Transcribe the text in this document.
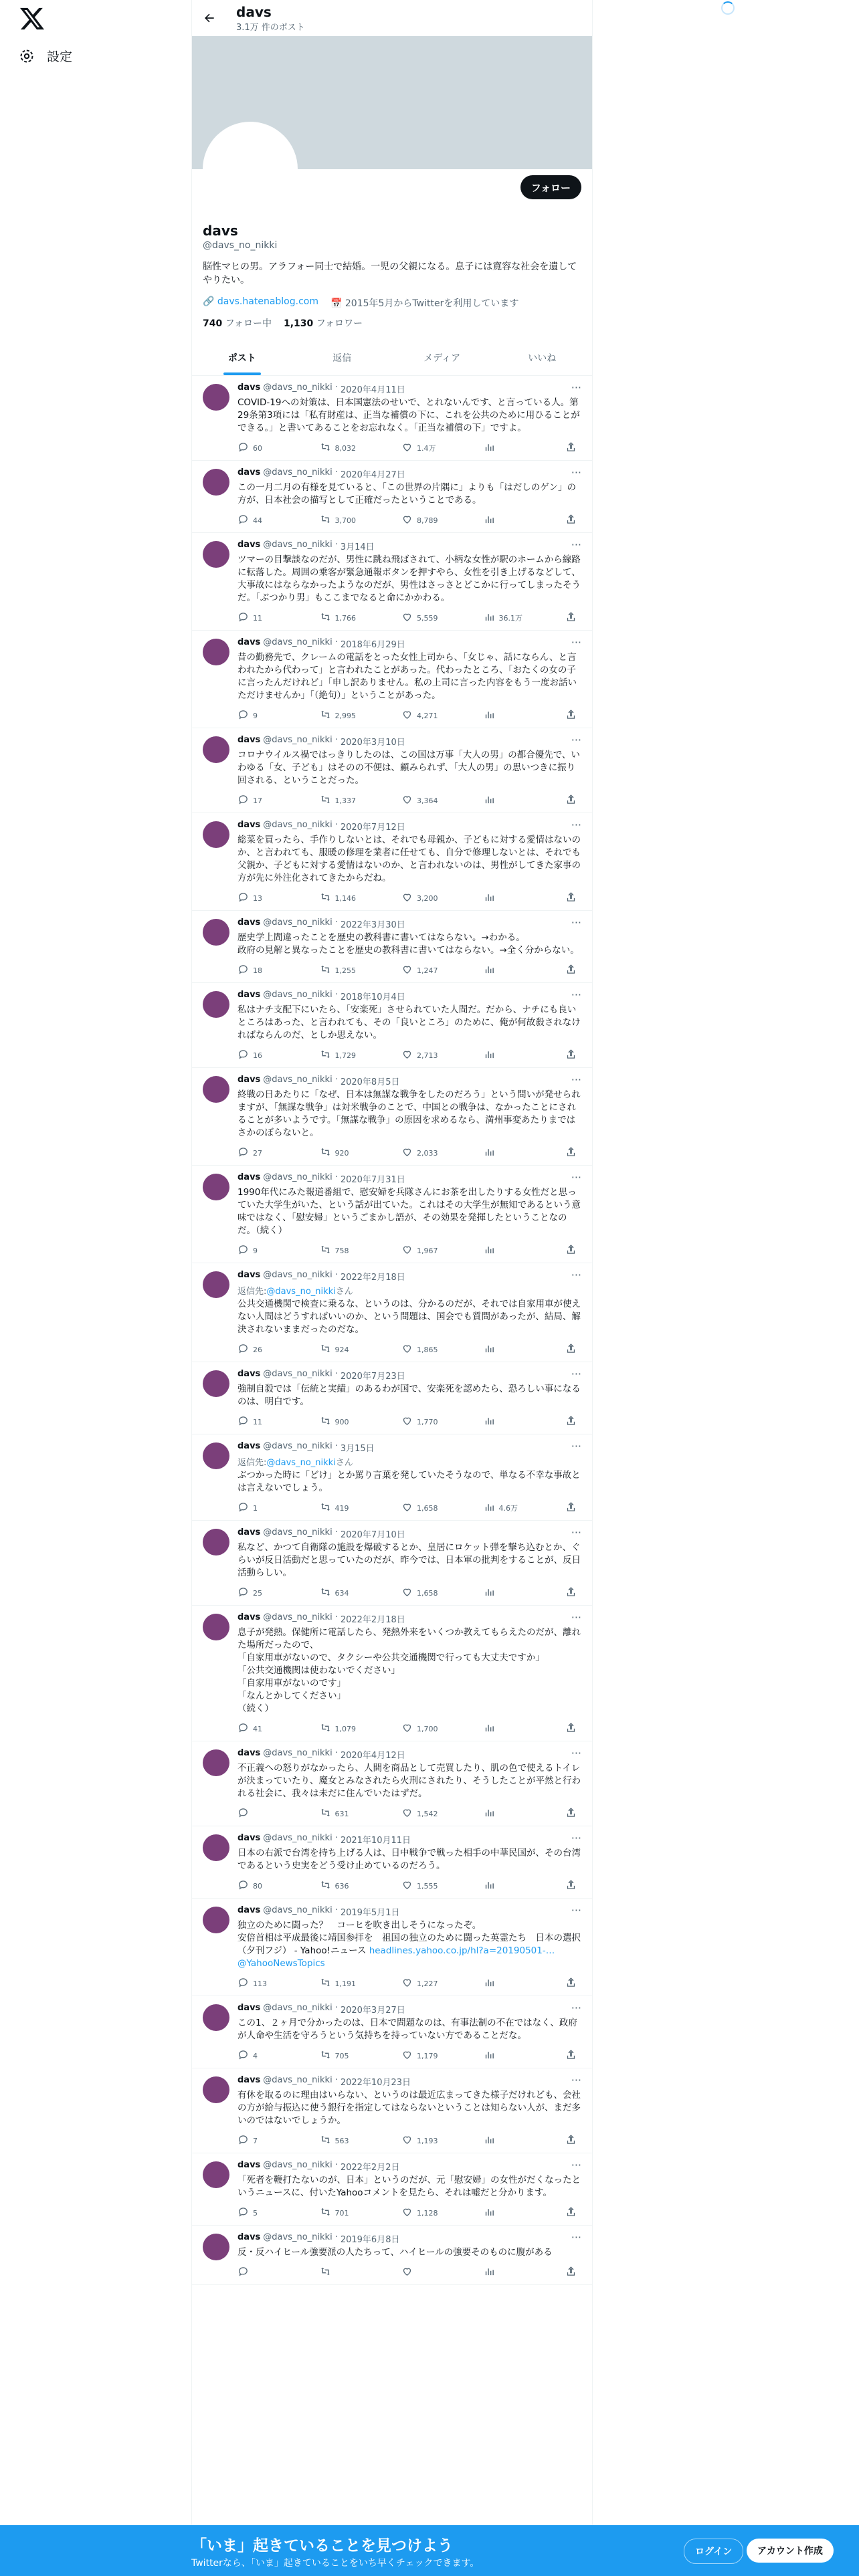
設定
davs
3.1万 件のポスト
フォロー
davs
@davs_no_nikki
脳性マヒの男。アラフォー同士で結婚。一児の父親になる。息子には寛容な社会を遺してやりたい。
🔗 davs.hatenablog.com 📅 2015年5月からTwitterを利用しています
740 フォロー中 1,130 フォロワー
ポスト	返信	メディア	いいね
davs @davs_no_nikki · 2020年4月11日
COVID-19への対策は、日本国憲法のせいで、とれないんです、と言っている人。第29条第3項には「私有財産は、正当な補償の下に、これを公共のために用ひることができる。」と書いてあることをお忘れなく。「正当な補償の下」ですよ。
60	8,032	1.4万
···
davs @davs_no_nikki · 2020年4月27日
この一月二月の有様を見ていると、「この世界の片隅に」よりも「はだしのゲン」の方が、日本社会の描写として正確だったということである。
44	3,700	8,789
···
davs @davs_no_nikki · 3月14日
ツマーの目撃談なのだが、男性に跳ね飛ばされて、小柄な女性が駅のホームから線路に転落した。周囲の乗客が緊急通報ボタンを押すやら、女性を引き上げるなどして、大事故にはならなかったようなのだが、男性はさっさとどこかに行ってしまったそうだ。「ぶつかり男」もここまでなると命にかかわる。
11	1,766	5,559	36.1万
···
davs @davs_no_nikki · 2018年6月29日
昔の勤務先で、クレームの電話をとった女性上司から、「女じゃ、話にならん、と言われたから代わって」と言われたことがあった。代わったところ、「おたくの女の子に言ったんだけれど」「申し訳ありません。私の上司に言った内容をもう一度お話いただけませんか」「（絶句）」ということがあった。
9	2,995	4,271
···
davs @davs_no_nikki · 2020年3月10日
コロナウイルス禍ではっきりしたのは、この国は万事「大人の男」の都合優先で、いわゆる「女、子ども」はそのの不便は、顧みられず、「大人の男」の思いつきに振り回される、ということだった。
17	1,337	3,364
···
davs @davs_no_nikki · 2020年7月12日
総菜を買ったら、手作りしないとは、それでも母親か、子どもに対する愛情はないのか、と言われても、服暖の修理を業者に任せても、自分で修理しないとは、それでも父親か、子どもに対する愛情はないのか、と言われないのは、男性がしてきた家事の方が先に外注化されてきたからだね。
13	1,146	3,200
···
davs @davs_no_nikki · 2022年3月30日
歴史学上間違ったことを歴史の教科書に書いてはならない。→わかる。
政府の見解と異なったことを歴史の教科書に書いてはならない。→全く分からない。
18	1,255	1,247
···
davs @davs_no_nikki · 2018年10月4日
私はナチ支配下にいたら、「安楽死」させられていた人間だ。だから、ナチにも良いところはあった、と言われても、その「良いところ」のために、俺が何故殺されなければならんのだ、としか思えない。
16	1,729	2,713
···
davs @davs_no_nikki · 2020年8月5日
終戦の日あたりに「なぜ、日本は無謀な戦争をしたのだろう」という問いが発せられますが、「無謀な戦争」は対米戦争のことで、中国との戦争は、なかったことにされることが多いようです。「無謀な戦争」の原因を求めるなら、満州事変あたりまではさかのぼらないと。
27	920	2,033
···
davs @davs_no_nikki · 2020年7月31日
1990年代にみた報道番組で、慰安婦を兵隊さんにお茶を出したりする女性だと思っていた大学生がいた、という話が出ていた。これはその大学生が無知であるという意味ではなく、「慰安婦」というごまかし語が、その効果を発揮したということなのだ。（続く）
9	758	1,967
···
davs @davs_no_nikki · 2022年2月18日
返信先:@davs_no_nikkiさん
公共交通機関で検査に乗るな、というのは、分かるのだが、それでは自家用車が使えない人間はどうすればいいのか、という問題は、国会でも質問があったが、結局、解決されないままだったのだな。
26	924	1,865
···
davs @davs_no_nikki · 2020年7月23日
強制自殺では「伝統と実績」のあるわが国で、安楽死を認めたら、恐ろしい事になるのは、明白です。
11	900	1,770
···
davs @davs_no_nikki · 3月15日
返信先:@davs_no_nikkiさん
ぶつかった時に「どけ」とか罵り言葉を発していたそうなので、単なる不幸な事故とは言えないでしょう。
1	419	1,658	4.6万
···
davs @davs_no_nikki · 2020年7月10日
私など、かつて自衛隊の施設を爆破するとか、皇居にロケット弾を撃ち込むとか、ぐらいが反日活動だと思っていたのだが、昨今では、日本軍の批判をすることが、反日活動らしい。
25	634	1,658
···
davs @davs_no_nikki · 2022年2月18日
息子が発熱。保健所に電話したら、発熱外来をいくつか教えてもらえたのだが、離れた場所だったので、
「自家用車がないので、タクシーや公共交通機関で行っても大丈夫ですか」
「公共交通機関は使わないでください」
「自家用車がないのです」
「なんとかしてください」
（続く）
41	1,079	1,700
···
davs @davs_no_nikki · 2020年4月12日
不正義への怒りがなかったら、人間を商品として売買したり、肌の色で使えるトイレが決まっていたり、魔女とみなされたら火刑にされたり、そうしたことが平然と行われる社会に、我々は未だに住んでいたはずだ。
631	1,542
···
davs @davs_no_nikki · 2021年10月11日
日本の右派で台湾を持ち上げる人は、日中戦争で戦った相手の中華民国が、その台湾であるという史実をどう受け止めているのだろう。
80	636	1,555
···
davs @davs_no_nikki · 2019年5月1日
独立のために闘った？　コーヒを吹き出しそうになったぞ。
安倍首相は平成最後に靖国参拝を　祖国の独立のために闘った英霊たち　日本の選択（夕刊フジ） - Yahoo!ニュース headlines.yahoo.co.jp/hl?a=20190501-… @YahooNewsTopics
113	1,191	1,227
···
davs @davs_no_nikki · 2020年3月27日
この1、２ヶ月で分かったのは、日本で問題なのは、有事法制の不在ではなく、政府が人命や生活を守ろうという気持ちを持っていない方であることだな。
4	705	1,179
···
davs @davs_no_nikki · 2022年10月23日
有休を取るのに理由はいらない、というのは最近広まってきた様子だけれども、会社の方が給与振込に使う銀行を指定してはならないということは知らない人が、まだ多いのではないでしょうか。
7	563	1,193
···
davs @davs_no_nikki · 2022年2月2日
「死者を鞭打たないのが、日本」というのだが、元「慰安婦」の女性がだくなったというニュースに、付いたYahooコメントを見たら、それは嘘だと分かります。
5	701	1,128
···
davs @davs_no_nikki · 2019年6月8日
反・反ハイヒール強要派の人たちって、ハイヒールの強要そのものに腹がある
···
「いま」起きていることを見つけよう
Twitterなら、「いま」起きていることをいち早くチェックできます。
ログイン	アカウント作成
